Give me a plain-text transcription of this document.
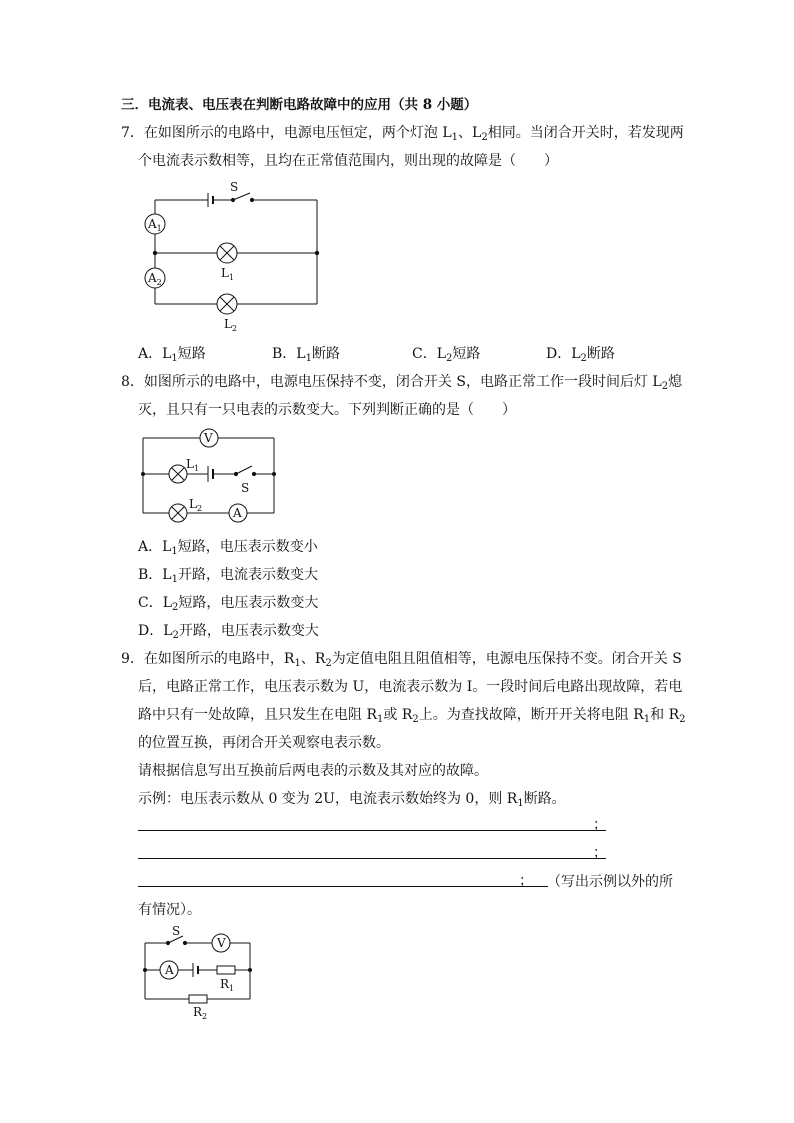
三．电流表、电压表在判断电路故障中的应用（共 8 小题）
7．在如图所示的电路中，电源电压恒定，两个灯泡 $L_1$、$L_2$相同。当闭合开关时，若发现两
个电流表示数相等，且均在正常值范围内，则出现的故障是（　　）
S
$A_1$
$A_2$
$L_1$
$L_2$
A．$L_1$短路	B．$L_1$断路	C．$L_2$短路	D．$L_2$断路
8．如图所示的电路中，电源电压保持不变，闭合开关 S，电路正常工作一段时间后灯 $L_2$熄
灭，且只有一只电表的示数变大。下列判断正确的是（　　）
V
A
$L_1$
$L_2$
S
A．$L_1$短路，电压表示数变小
B．$L_1$开路，电流表示数变大
C．$L_2$短路，电压表示数变大
D．$L_2$开路，电压表示数变大
9．在如图所示的电路中，$R_1$、$R_2$为定值电阻且阻值相等，电源电压保持不变。闭合开关 S
后，电路正常工作，电压表示数为 U，电流表示数为 I。一段时间后电路出现故障，若电
路中只有一处故障，且只发生在电阻 $R_1$或 $R_2$上。为查找故障，断开开关将电阻 $R_1$和 $R_2$
的位置互换，再闭合开关观察电表示数。
请根据信息写出互换前后两电表的示数及其对应的故障。
示例：电压表示数从 0 变为 2U，电流表示数始终为 0，则 $R_1$断路。
；
；
； （写出示例以外的所
有情况）。
S
V
A
$R_1$
$R_2$
